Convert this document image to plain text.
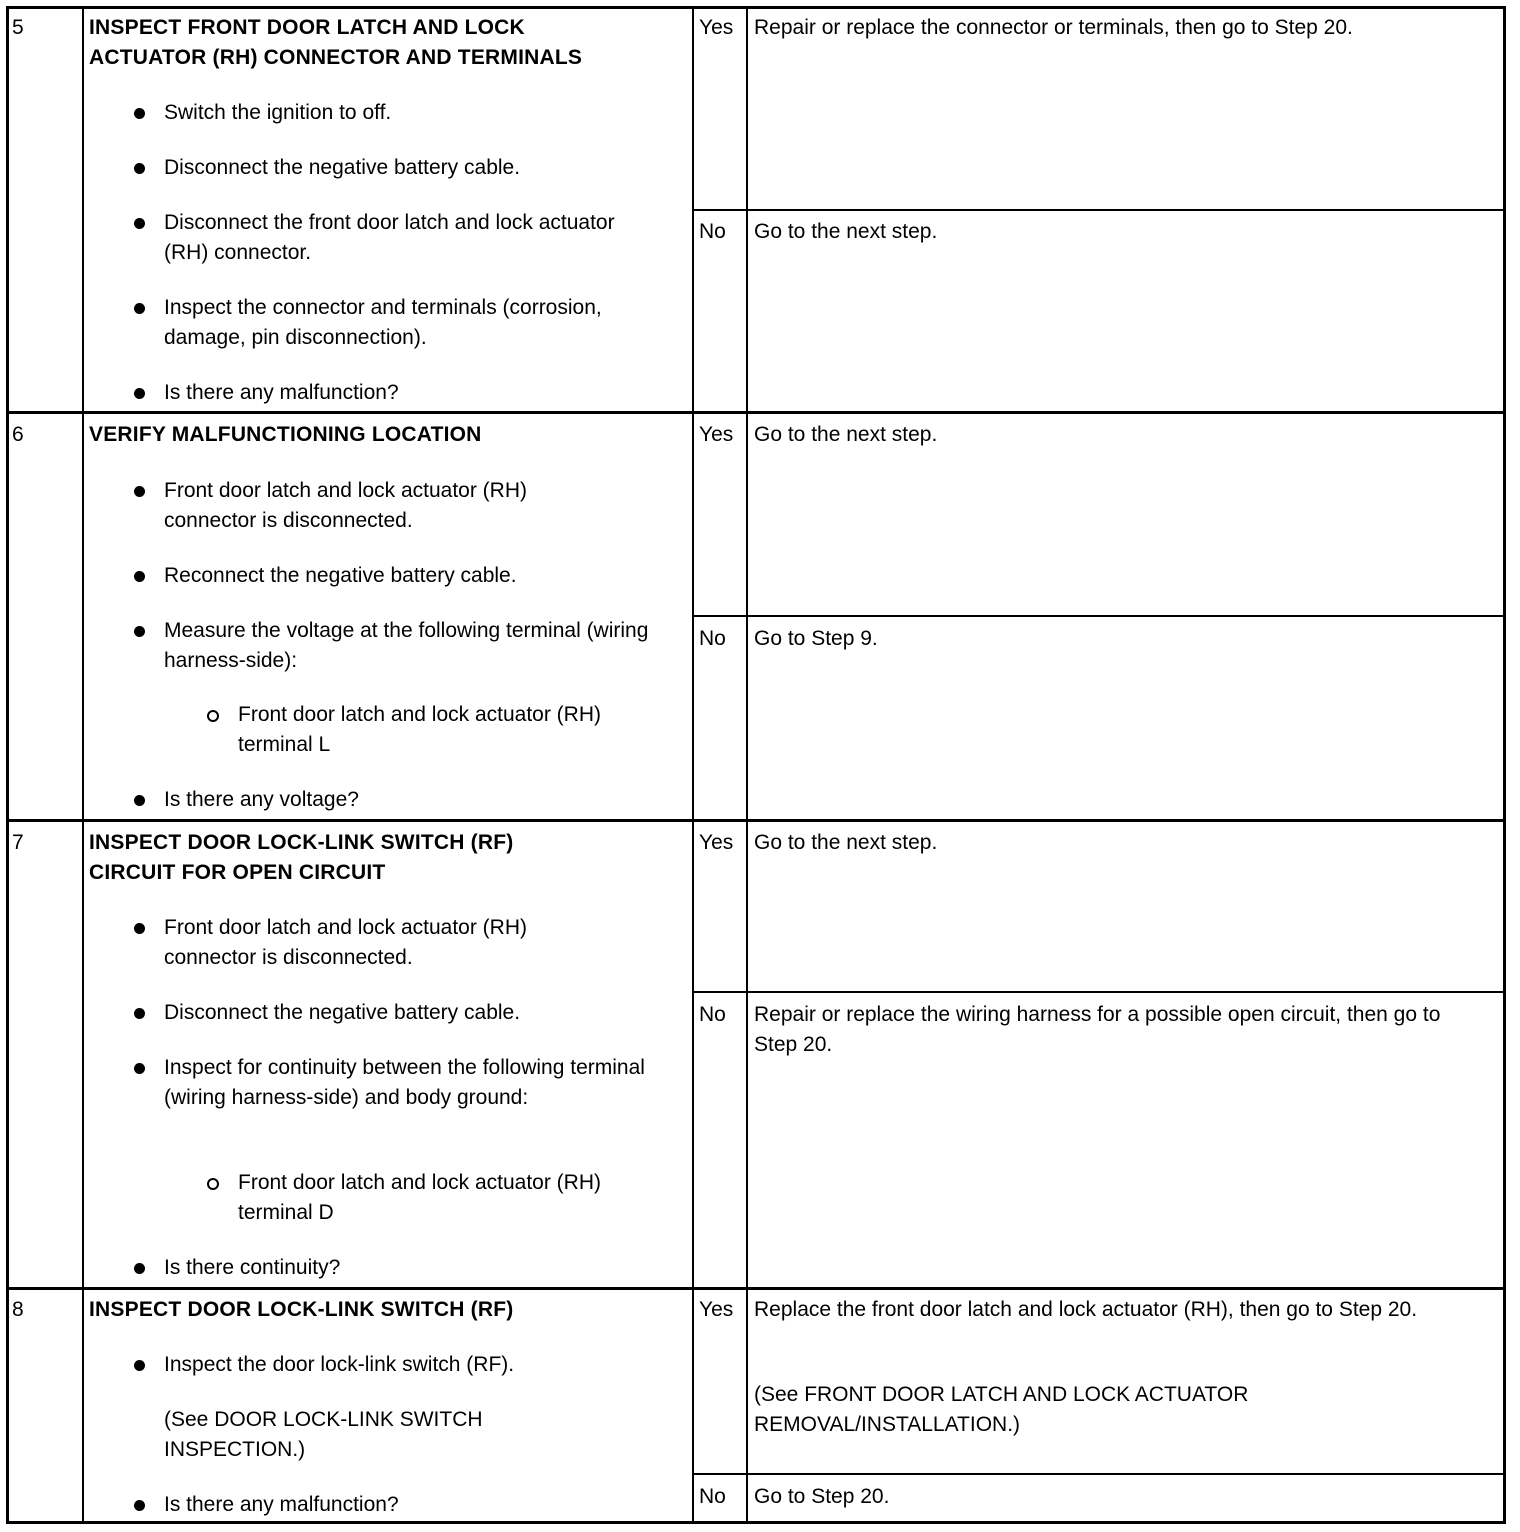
5	INSPECT FRONT DOOR LATCH AND LOCK
ACTUATOR (RH) CONNECTOR AND TERMINALS
Switch the ignition to off.
Disconnect the negative battery cable.
Disconnect the front door latch and lock actuator (RH) connector.
Inspect the connector and terminals (corrosion, damage, pin disconnection).
Is there any malfunction?
Yes Repair or replace the connector or terminals, then go to Step 20.
No	Go to the next step.
6	VERIFY MALFUNCTIONING LOCATION
Front door latch and lock actuator (RH) connector is disconnected.
Reconnect the negative battery cable.
Measure the voltage at the following terminal (wiring harness-side):
Front door latch and lock actuator (RH) terminal L
Is there any voltage?
Yes Go to the next step.
No	Go to Step 9.
7	INSPECT DOOR LOCK-LINK SWITCH (RF)
CIRCUIT FOR OPEN CIRCUIT
Front door latch and lock actuator (RH) connector is disconnected.
Disconnect the negative battery cable.
Inspect for continuity between the following terminal (wiring harness-side) and body ground:
Front door latch and lock actuator (RH) terminal D
Is there continuity?
Yes Go to the next step.
No	Repair or replace the wiring harness for a possible open circuit, then go to Step 20.
8	INSPECT DOOR LOCK-LINK SWITCH (RF)
Inspect the door lock-link switch (RF).
(See DOOR LOCK-LINK SWITCH INSPECTION.)
Is there any malfunction?
Yes Replace the front door latch and lock actuator (RH), then go to Step 20.
(See FRONT DOOR LATCH AND LOCK ACTUATOR REMOVAL/INSTALLATION.)
No	Go to Step 20.
